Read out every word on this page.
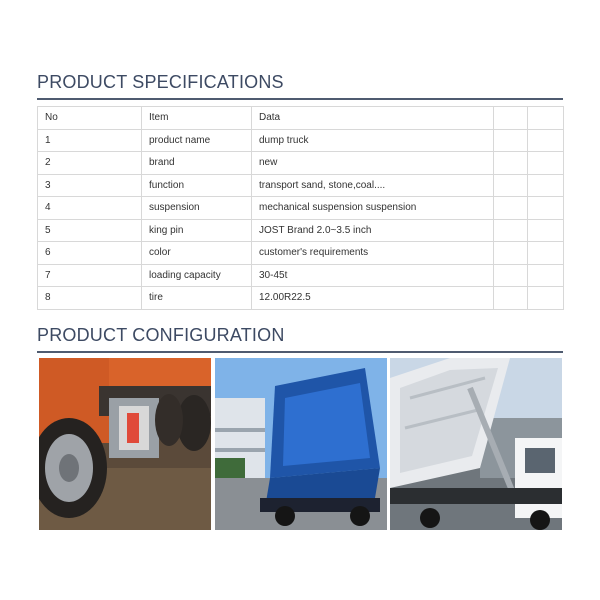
PRODUCT SPECIFICATIONS
No	Item	Data		
1	product name	dump truck		
2	brand	new		
3	function	transport sand, stone,coal....		
4	suspension	mechanical suspension suspension		
5	king pin	JOST Brand 2.0~3.5 inch		
6	color	customer's requirements		
7	loading capacity	30-45t		
8	tire	12.00R22.5		
PRODUCT CONFIGURATION
